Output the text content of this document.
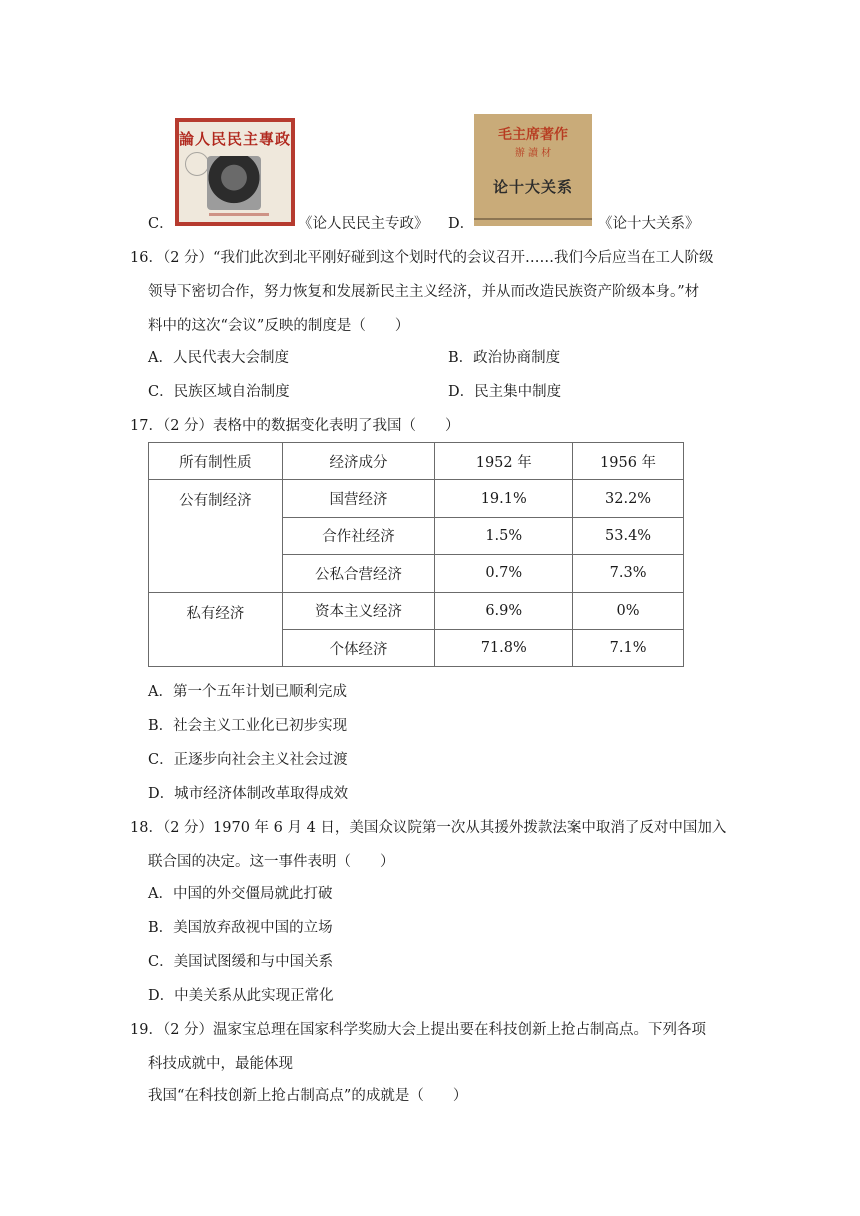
C．
論人民民主專政
《论人民民主专政》 D．
毛主席著作
辦 讀 材
论十大关系
《论十大关系》
16．（2 分）“我们此次到北平刚好碰到这个划时代的会议召开……我们今后应当在工人阶级
领导下密切合作，努力恢复和发展新民主主义经济，并从而改造民族资产阶级本身。”材
料中的这次“会议”反映的制度是（　　）
A．人民代表大会制度	B．政治协商制度
C．民族区域自治制度	D．民主集中制度
17．（2 分）表格中的数据变化表明了我国（　　）
所有制性质	经济成分	1952 年	1956 年
公有制经济	国营经济	19.1%	32.2%
	合作社经济	1.5%	53.4%
	公私合营经济	0.7%	7.3%
私有经济	资本主义经济	6.9%	0%
	个体经济	71.8%	7.1%
A．第一个五年计划已顺利完成
B．社会主义工业化已初步实现
C．正逐步向社会主义社会过渡
D．城市经济体制改革取得成效
18．（2 分）1970 年 6 月 4 日，美国众议院第一次从其援外拨款法案中取消了反对中国加入
联合国的决定。这一事件表明（　　）
A．中国的外交僵局就此打破
B．美国放弃敌视中国的立场
C．美国试图缓和与中国关系
D．中美关系从此实现正常化
19．（2 分）温家宝总理在国家科学奖励大会上提出要在科技创新上抢占制高点。下列各项
科技成就中，最能体现
我国“在科技创新上抢占制高点”的成就是（　　）
